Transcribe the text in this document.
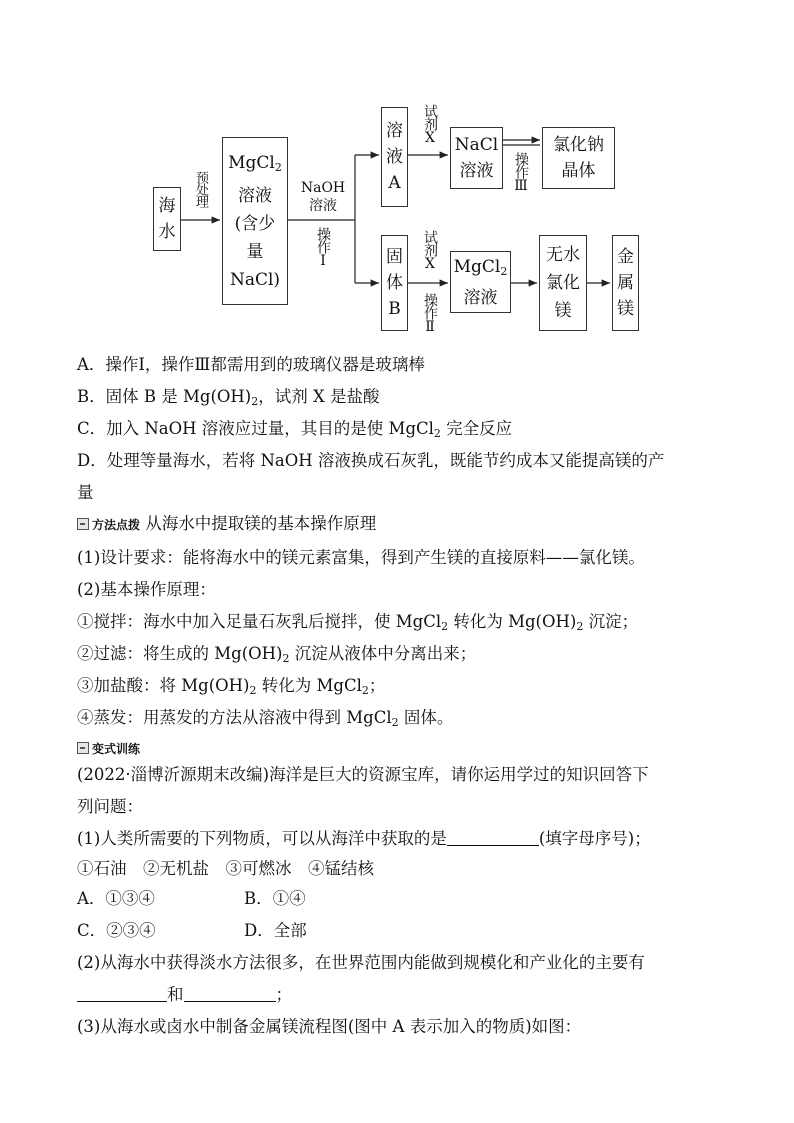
海
水
预处理
MgCl$_2$
溶液
(含少
量
NaCl)
NaOH
溶液
操作Ⅰ
溶
液
A
试剂X NaCl
溶液 操作Ⅲ
氯化钠
晶体
固
体
B
试剂X
操作Ⅱ
MgCl$_2$
溶液
无水
氯化
镁
金
属
镁
A．操作Ⅰ，操作Ⅲ都需用到的玻璃仪器是玻璃棒
B．固体 B 是 $Mg(OH)_2$，试剂 X 是盐酸
C．加入 NaOH 溶液应过量，其目的是使 MgCl$_2$ 完全反应
D．处理等量海水，若将 NaOH 溶液换成石灰乳，既能节约成本又能提高镁的产
量
方法点拨 从海水中提取镁的基本操作原理
(1)设计要求：能将海水中的镁元素富集，得到产生镁的直接原料——氯化镁。
(2)基本操作原理：
①搅拌：海水中加入足量石灰乳后搅拌，使 MgCl$_2$ 转化为 $Mg(OH)_2$ 沉淀；
②过滤：将生成的 $Mg(OH)_2$ 沉淀从液体中分离出来；
③加盐酸：将 $Mg(OH)_2$ 转化为 MgCl$_2$；
④蒸发：用蒸发的方法从溶液中得到 MgCl$_2$ 固体。
变式训练
(2022·淄博沂源期末改编)海洋是巨大的资源宝库，请你运用学过的知识回答下
列问题：
(1)人类所需要的下列物质，可以从海洋中获取的是	(填字母序号)；
①石油　②无机盐　③可燃冰　④锰结核
A．①③④	B．①④
C．②③④	D．全部
(2)从海水中获得淡水方法很多，在世界范围内能做到规模化和产业化的主要有
和	；
(3)从海水或卤水中制备金属镁流程图(图中 A 表示加入的物质)如图：
